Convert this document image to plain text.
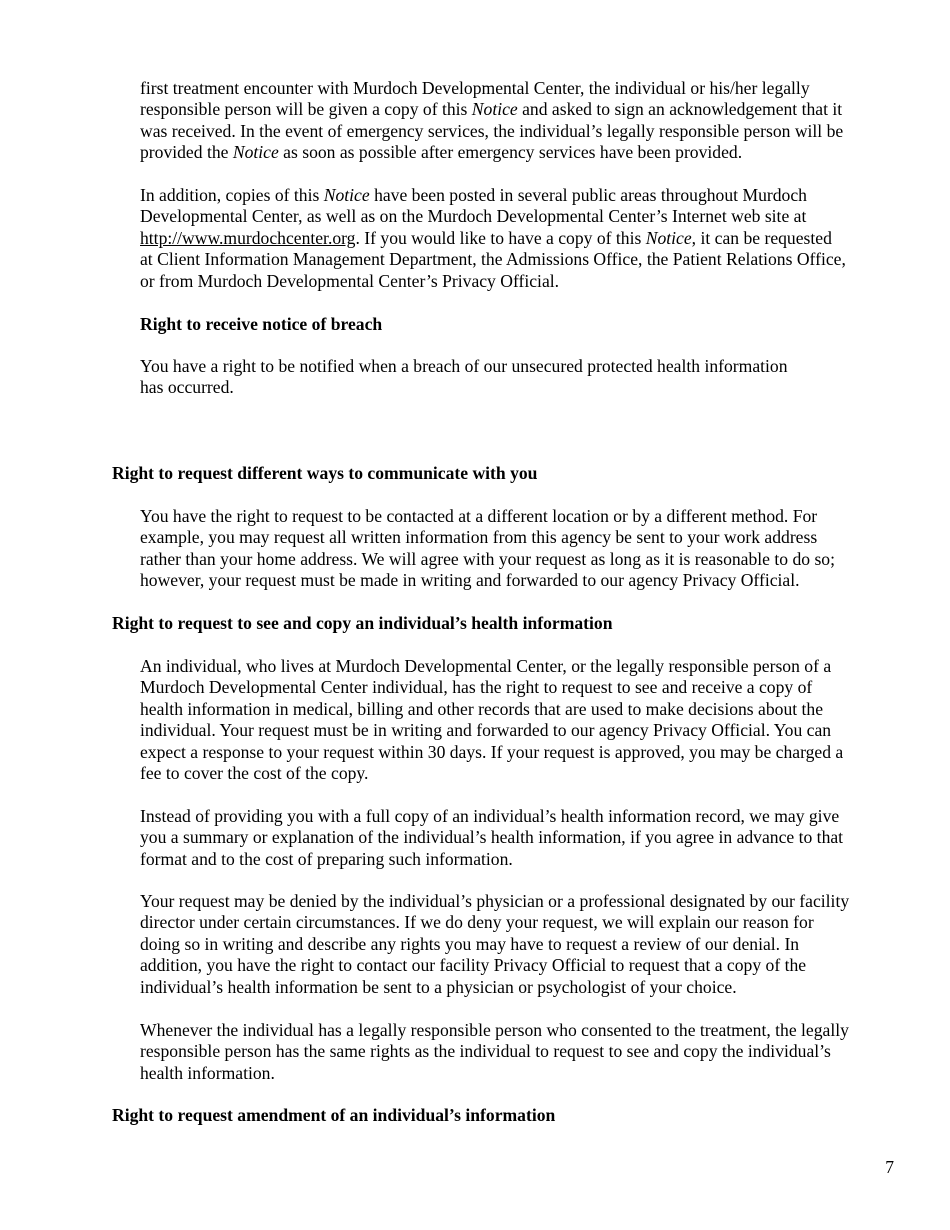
first treatment encounter with Murdoch Developmental Center, the individual or his/her legally
responsible person will be given a copy of this Notice and asked to sign an acknowledgement that it
was received. In the event of emergency services, the individual’s legally responsible person will be
provided the Notice as soon as possible after emergency services have been provided.

In addition, copies of this Notice have been posted in several public areas throughout Murdoch
Developmental Center, as well as on the Murdoch Developmental Center’s Internet web site at
http://www.murdochcenter.org. If you would like to have a copy of this Notice, it can be requested
at Client Information Management Department, the Admissions Office, the Patient Relations Office,
or from Murdoch Developmental Center’s Privacy Official.

Right to receive notice of breach

You have a right to be notified when a breach of our unsecured protected health information
has occurred.

Right to request different ways to communicate with you

You have the right to request to be contacted at a different location or by a different method. For
example, you may request all written information from this agency be sent to your work address
rather than your home address. We will agree with your request as long as it is reasonable to do so;
however, your request must be made in writing and forwarded to our agency Privacy Official.

Right to request to see and copy an individual’s health information

An individual, who lives at Murdoch Developmental Center, or the legally responsible person of a
Murdoch Developmental Center individual, has the right to request to see and receive a copy of
health information in medical, billing and other records that are used to make decisions about the
individual. Your request must be in writing and forwarded to our agency Privacy Official. You can
expect a response to your request within 30 days. If your request is approved, you may be charged a
fee to cover the cost of the copy.

Instead of providing you with a full copy of an individual’s health information record, we may give
you a summary or explanation of the individual’s health information, if you agree in advance to that
format and to the cost of preparing such information.

Your request may be denied by the individual’s physician or a professional designated by our facility
director under certain circumstances. If we do deny your request, we will explain our reason for
doing so in writing and describe any rights you may have to request a review of our denial. In
addition, you have the right to contact our facility Privacy Official to request that a copy of the
individual’s health information be sent to a physician or psychologist of your choice.

Whenever the individual has a legally responsible person who consented to the treatment, the legally
responsible person has the same rights as the individual to request to see and copy the individual’s
health information.

Right to request amendment of an individual’s information
7
